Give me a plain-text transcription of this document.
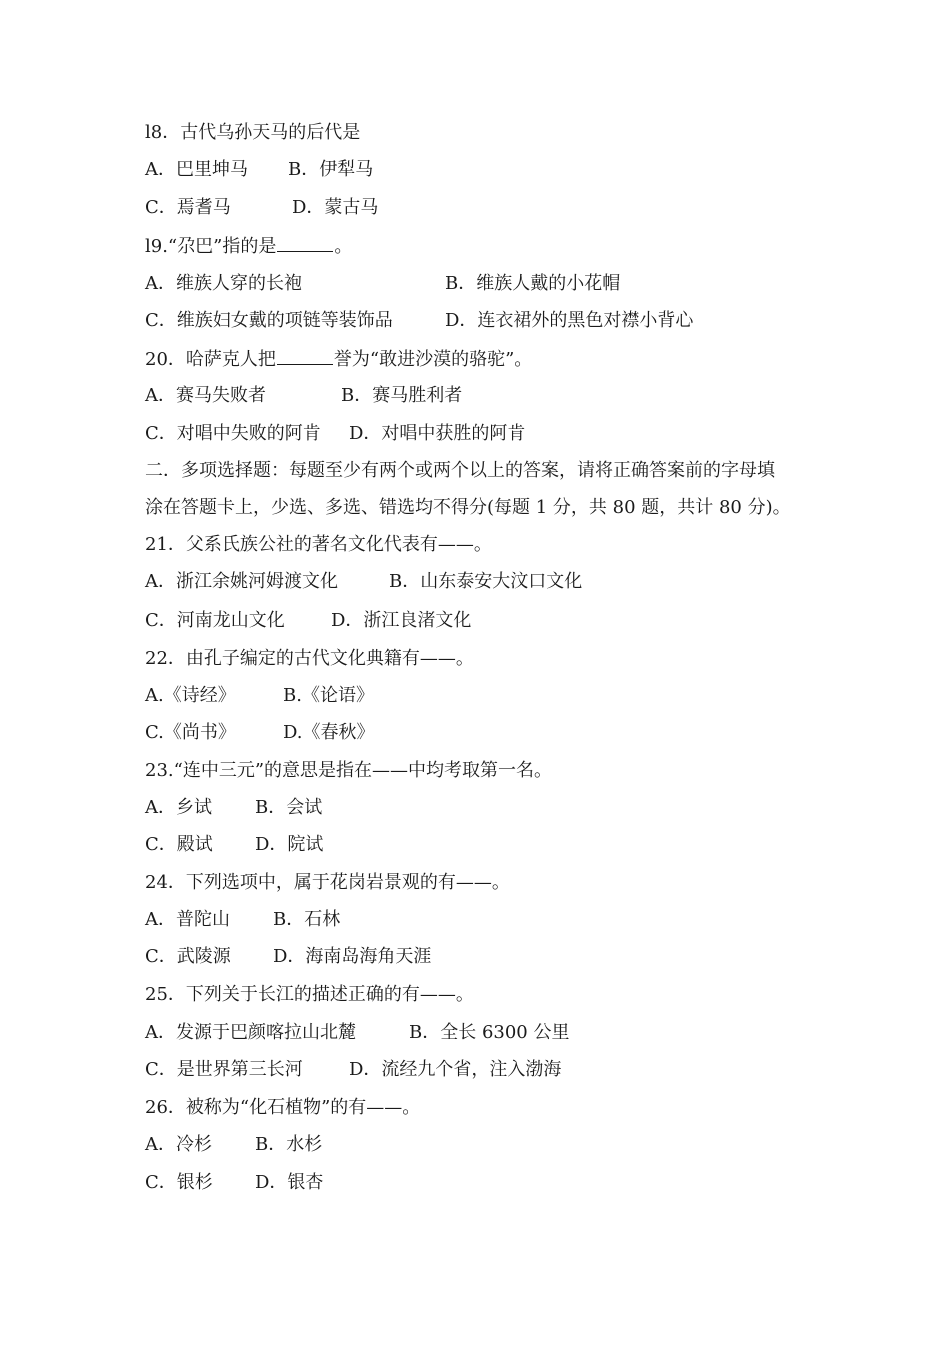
l8．古代乌孙天马的后代是
A．巴里坤马 B．伊犁马
C．焉耆马	D．蒙古马
l9.“尕巴”指的是	。
A．维族人穿的长袍	B．维族人戴的小花帽
C．维族妇女戴的项链等装饰品	D．连衣裙外的黑色对襟小背心
20．哈萨克人把	誉为“敢进沙漠的骆驼”。
A．赛马失败者	B．赛马胜利者
C．对唱中失败的阿肯 D．对唱中获胜的阿肯
二．多项选择题：每题至少有两个或两个以上的答案，请将正确答案前的字母填
涂在答题卡上，少选、多选、错选均不得分(每题 1 分，共 80 题，共计 80 分)。
21．父系氏族公社的著名文化代表有——。
A．浙江余姚河姆渡文化	B．山东泰安大汶口文化
C．河南龙山文化	D．浙江良渚文化
22．由孔子编定的古代文化典籍有——。
A.《诗经》	B.《论语》
C.《尚书》	D.《春秋》
23.“连中三元”的意思是指在——中均考取第一名。
A．乡试 B．会试
C．殿试 D．院试
24．下列选项中，属于花岗岩景观的有——。
A．普陀山 B．石林
C．武陵源 D．海南岛海角天涯
25．下列关于长江的描述正确的有——。
A．发源于巴颜喀拉山北麓	B．全长 6300 公里
C．是世界第三长河	D．流经九个省，注入渤海
26．被称为“化石植物”的有——。
A．冷杉 B．水杉
C．银杉 D．银杏
